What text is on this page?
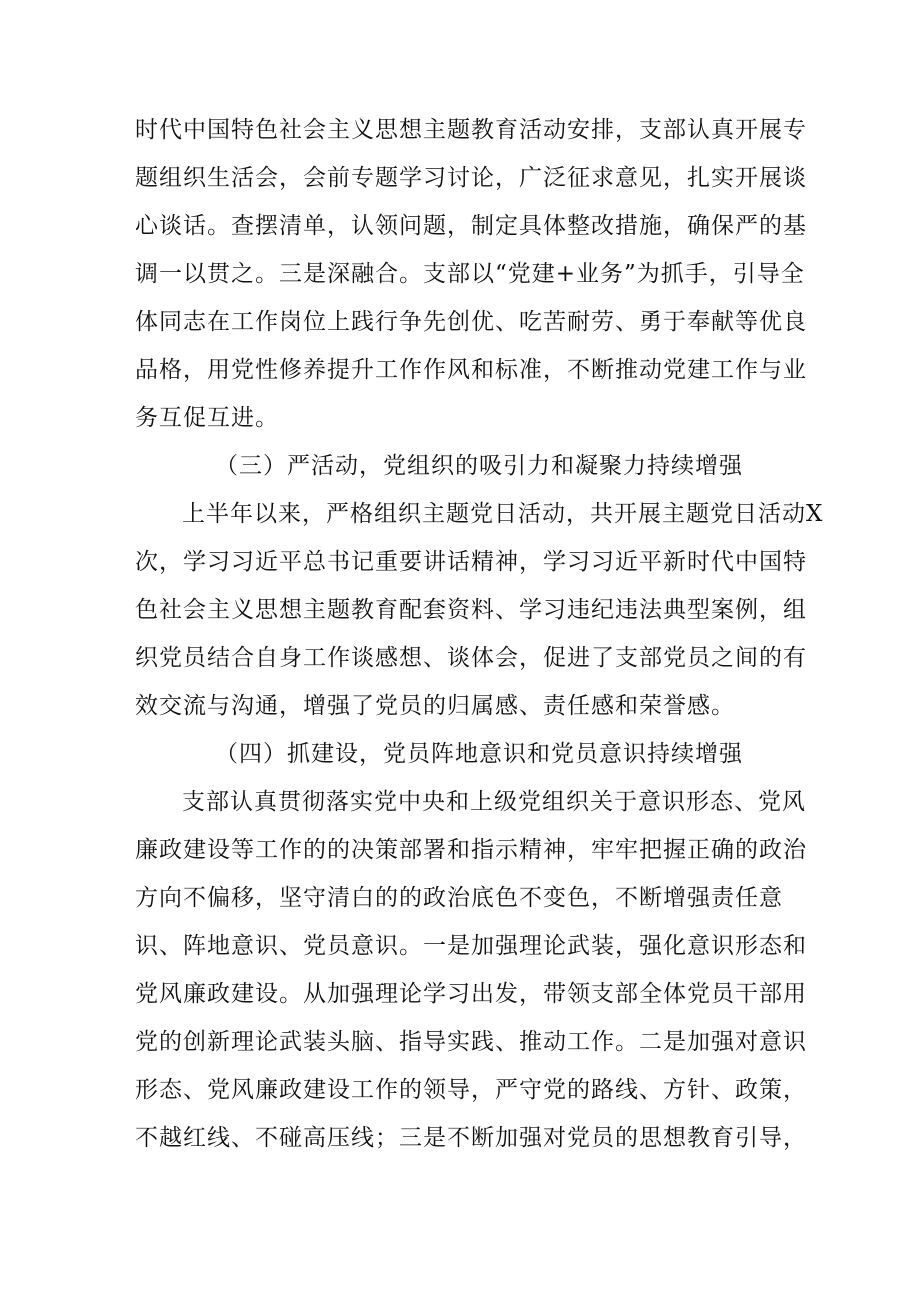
时代中国特色社会主义思想主题教育活动安排，支部认真开展专
题组织生活会，会前专题学习讨论，广泛征求意见，扎实开展谈
心谈话。查摆清单，认领问题，制定具体整改措施，确保严的基
调一以贯之。三是深融合。支部以“党建+业务”为抓手，引导全
体同志在工作岗位上践行争先创优、吃苦耐劳、勇于奉献等优良
品格，用党性修养提升工作作风和标准，不断推动党建工作与业
务互促互进。
（三）严活动，党组织的吸引力和凝聚力持续增强
上半年以来，严格组织主题党日活动，共开展主题党日活动X
次，学习习近平总书记重要讲话精神，学习习近平新时代中国特
色社会主义思想主题教育配套资料、学习违纪违法典型案例，组
织党员结合自身工作谈感想、谈体会，促进了支部党员之间的有
效交流与沟通，增强了党员的归属感、责任感和荣誉感。
（四）抓建设，党员阵地意识和党员意识持续增强
支部认真贯彻落实党中央和上级党组织关于意识形态、党风
廉政建设等工作的的决策部署和指示精神，牢牢把握正确的政治
方向不偏移，坚守清白的的政治底色不变色，不断增强责任意
识、阵地意识、党员意识。一是加强理论武装，强化意识形态和
党风廉政建设。从加强理论学习出发，带领支部全体党员干部用
党的创新理论武装头脑、指导实践、推动工作。二是加强对意识
形态、党风廉政建设工作的领导，严守党的路线、方针、政策，
不越红线、不碰高压线；三是不断加强对党员的思想教育引导，
